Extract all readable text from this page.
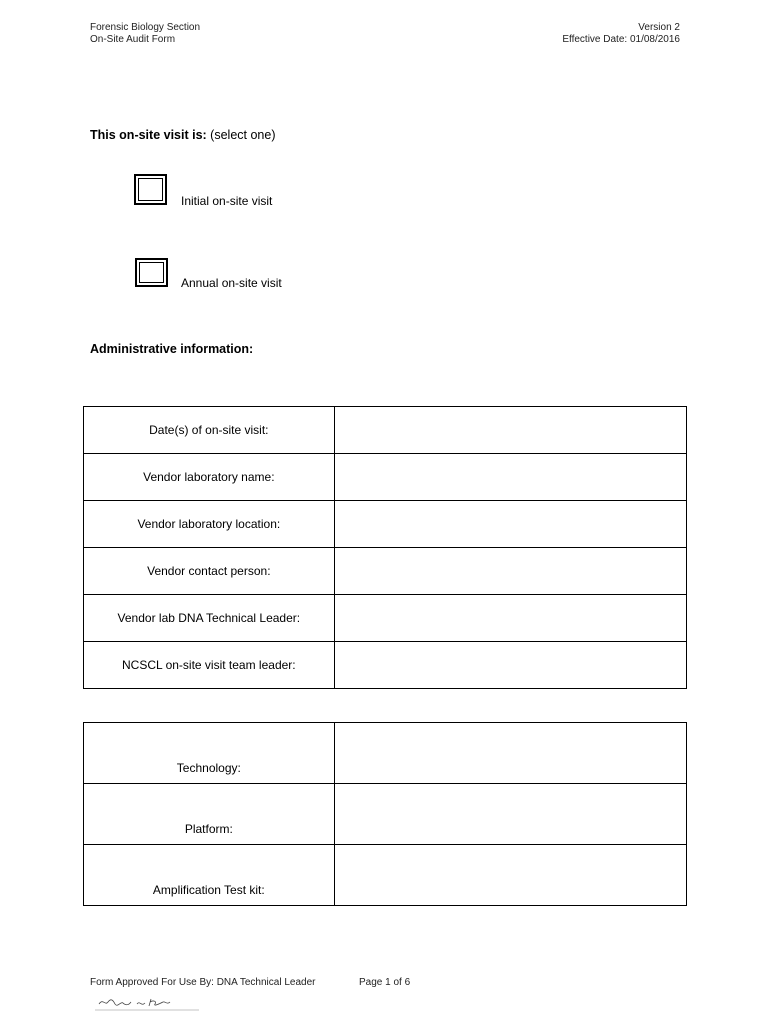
Forensic Biology Section
On-Site Audit Form
Version 2
Effective Date: 01/08/2016
This on-site visit is: (select one)
Initial on-site visit
Annual on-site visit
Administrative information:
Date(s) of on-site visit:	
Vendor laboratory name:	
Vendor laboratory location:	
Vendor contact person:	
Vendor lab DNA Technical Leader:	
NCSCL on-site visit team leader:	
Technology:	
Platform:	
Amplification Test kit:	
Form Approved For Use By: DNA Technical Leader	Page 1 of 6
